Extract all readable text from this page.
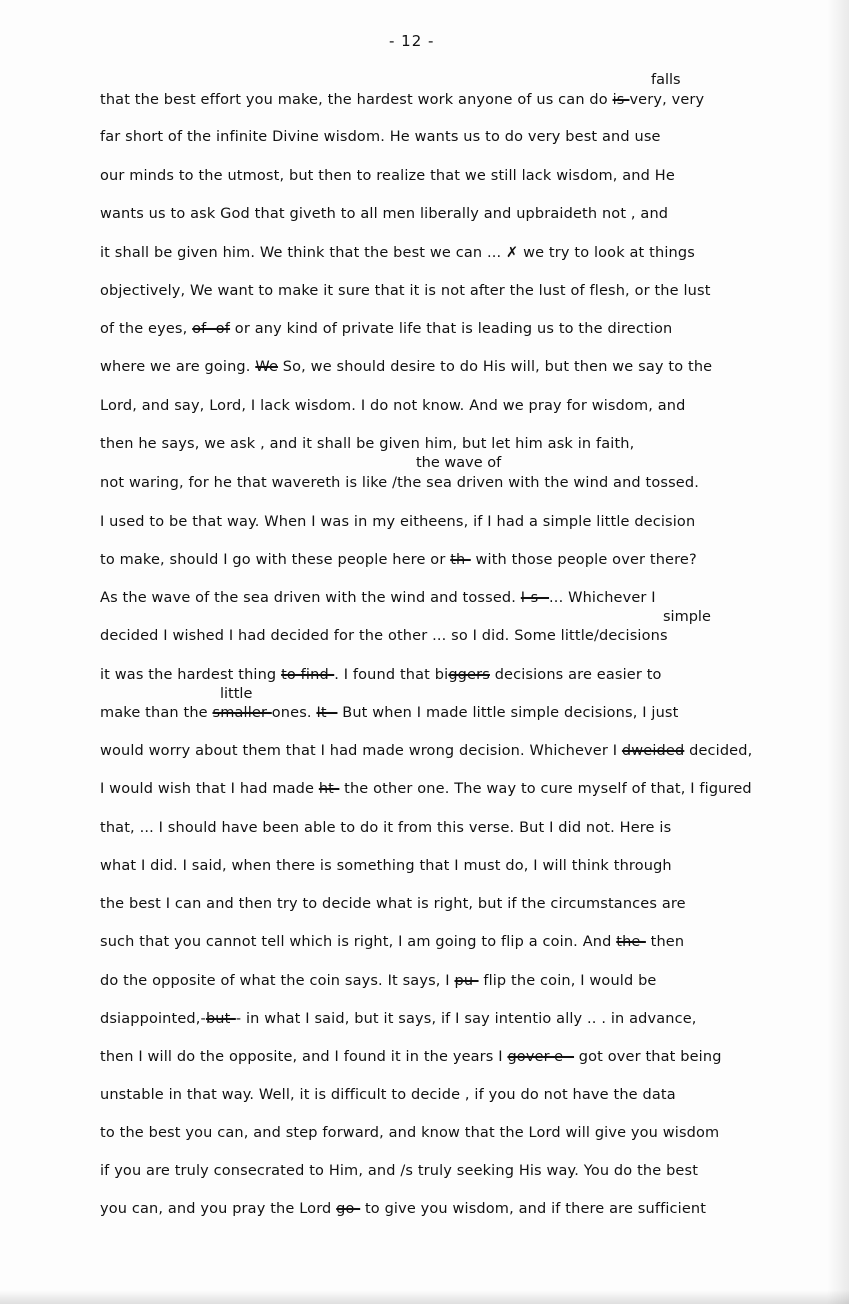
- 12 -
falls
the wave of
simple
little
that the best effort you make, the hardest work anyone of us can do is-very, very
far short of the infinite Divine wisdom. He wants us to do very best and use
our minds to the utmost, but then to realize that we still lack wisdom, and He
wants us to ask God that giveth to all men liberally and upbraideth not , and
it shall be given him. We think that the best we can ... ✗ we try to look at things
objectively, We want to make it sure that it is not after the lust of flesh, or the lust
of the eyes, of- of or any kind of private life that is leading us to the direction
where we are going. We So, we should desire to do His will, but then we say to the
Lord, and say, Lord, I lack wisdom. I do not know. And we pray for wisdom, and
then he says, we ask , and it shall be given him, but let him ask in faith,
not waring, for he that wavereth is like /the sea driven with the wind and tossed.
I used to be that way. When I was in my eitheens, if I had a simple little decision
to make, should I go with these people here or th- with those people over there?
As the wave of the sea driven with the wind and tossed. I-s--... Whichever I
decided I wished I had decided for the other ... so I did. Some little/decisions
it was the hardest thing to find-. I found that biggers decisions are easier to
make than the smaller-ones. It-- But when I made little simple decisions, I just
would worry about them that I had made wrong decision. Whichever I dweided decided,
I would wish that I had made ht- the other one. The way to cure myself of that, I figured
that, ... I should have been able to do it from this verse. But I did not. Here is
what I did. I said, when there is something that I must do, I will think through
the best I can and then try to decide what is right, but if the circumstances are
such that you cannot tell which is right, I am going to flip a coin. And the- then
do the opposite of what the coin says. It says, I pu- flip the coin, I would be
dsiappointed,-but-- in what I said, but it says, if I say intentio ally .. . in advance,
then I will do the opposite, and I found it in the years I gover-e-- got over that being
unstable in that way. Well, it is difficult to decide , if you do not have the data
to the best you can, and step forward, and know that the Lord will give you wisdom
if you are truly consecrated to Him, and /s truly seeking His way. You do the best
you can, and you pray the Lord go- to give you wisdom, and if there are sufficient
